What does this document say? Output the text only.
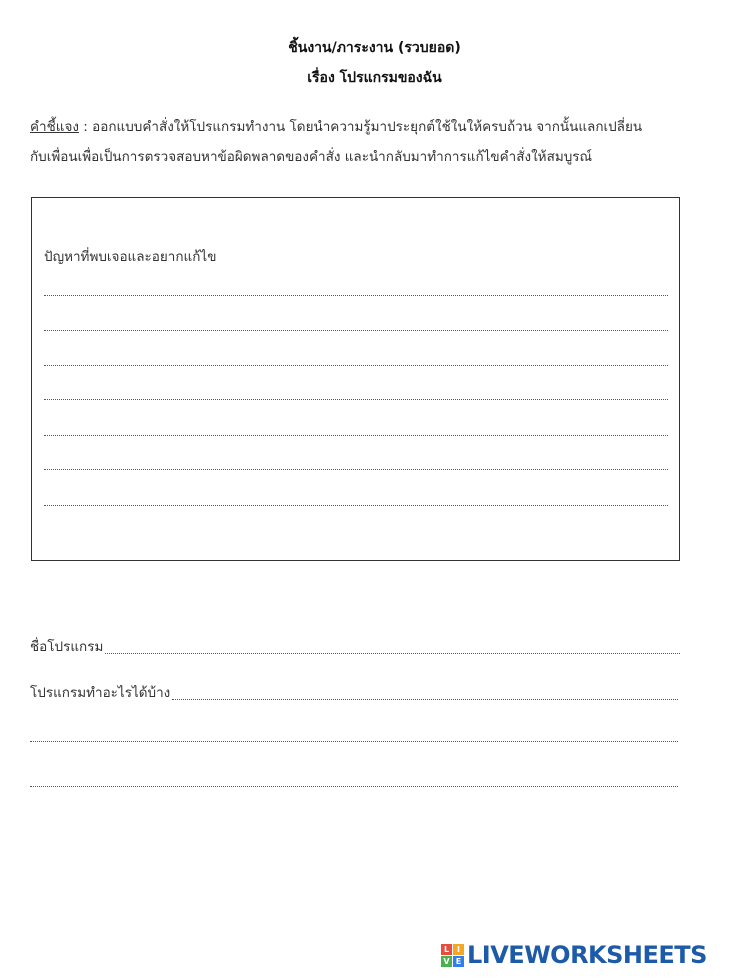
ชิ้นงาน/ภาระงาน (รวบยอด)
เรื่อง โปรแกรมของฉัน
คำชี้แจง : ออกแบบคำสั่งให้โปรแกรมทำงาน โดยนำความรู้มาประยุกต์ใช้ในให้ครบถ้วน จากนั้นแลกเปลี่ยน
กับเพื่อนเพื่อเป็นการตรวจสอบหาข้อผิดพลาดของคำสั่ง และนำกลับมาทำการแก้ไขคำสั่งให้สมบูรณ์
ปัญหาที่พบเจอและอยากแก้ไข
ชื่อโปรแกรม
โปรแกรมทำอะไรได้บ้าง
L I
V E LIVEWORKSHEETS
